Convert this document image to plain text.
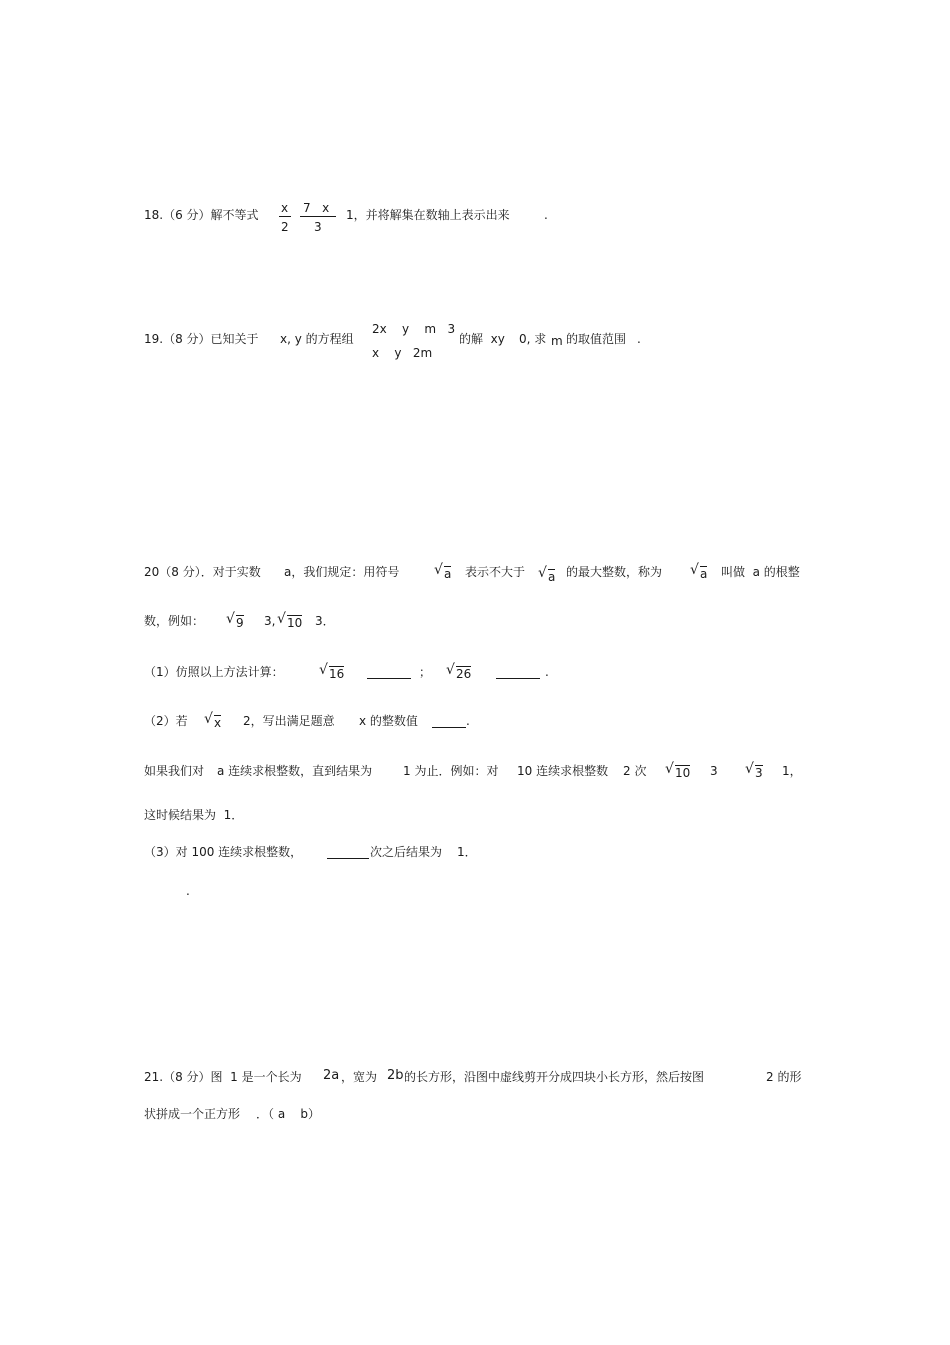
18.（6 分）解不等式 x
2
7   x
3
1，并将解集在数轴上表示出来	.
19.（8 分）已知关于 x, y 的方程组
2x    y    m   3
x    y   2m
的解  xy 0, 求 m 的取值范围 .
20（8 分）．对于实数 a，我们规定：用符号 √ a 表示不大于 √ a 的最大整数，称为 √ a 叫做  a 的根整
数，例如： √ 9 3, √ 10 3．
（1）仿照以上方法计算：	√ 16	； √ 26	.
（2）若 √ x 2，写出满足题意 x 的整数值	.
如果我们对 a 连续求根整数，直到结果为	1 为止．例如：对 10 连续求根整数 2 次 √ 10 3 √ 3 1，
这时候结果为  1．
（3）对 100 连续求根整数，	次之后结果为 1．
.
21.（8 分）图  1 是一个长为 2a ，宽为 2b 的长方形，沿图中虚线剪开分成四块小长方形，然后按图	2 的形
状拼成一个正方形 ．（ a    b）
